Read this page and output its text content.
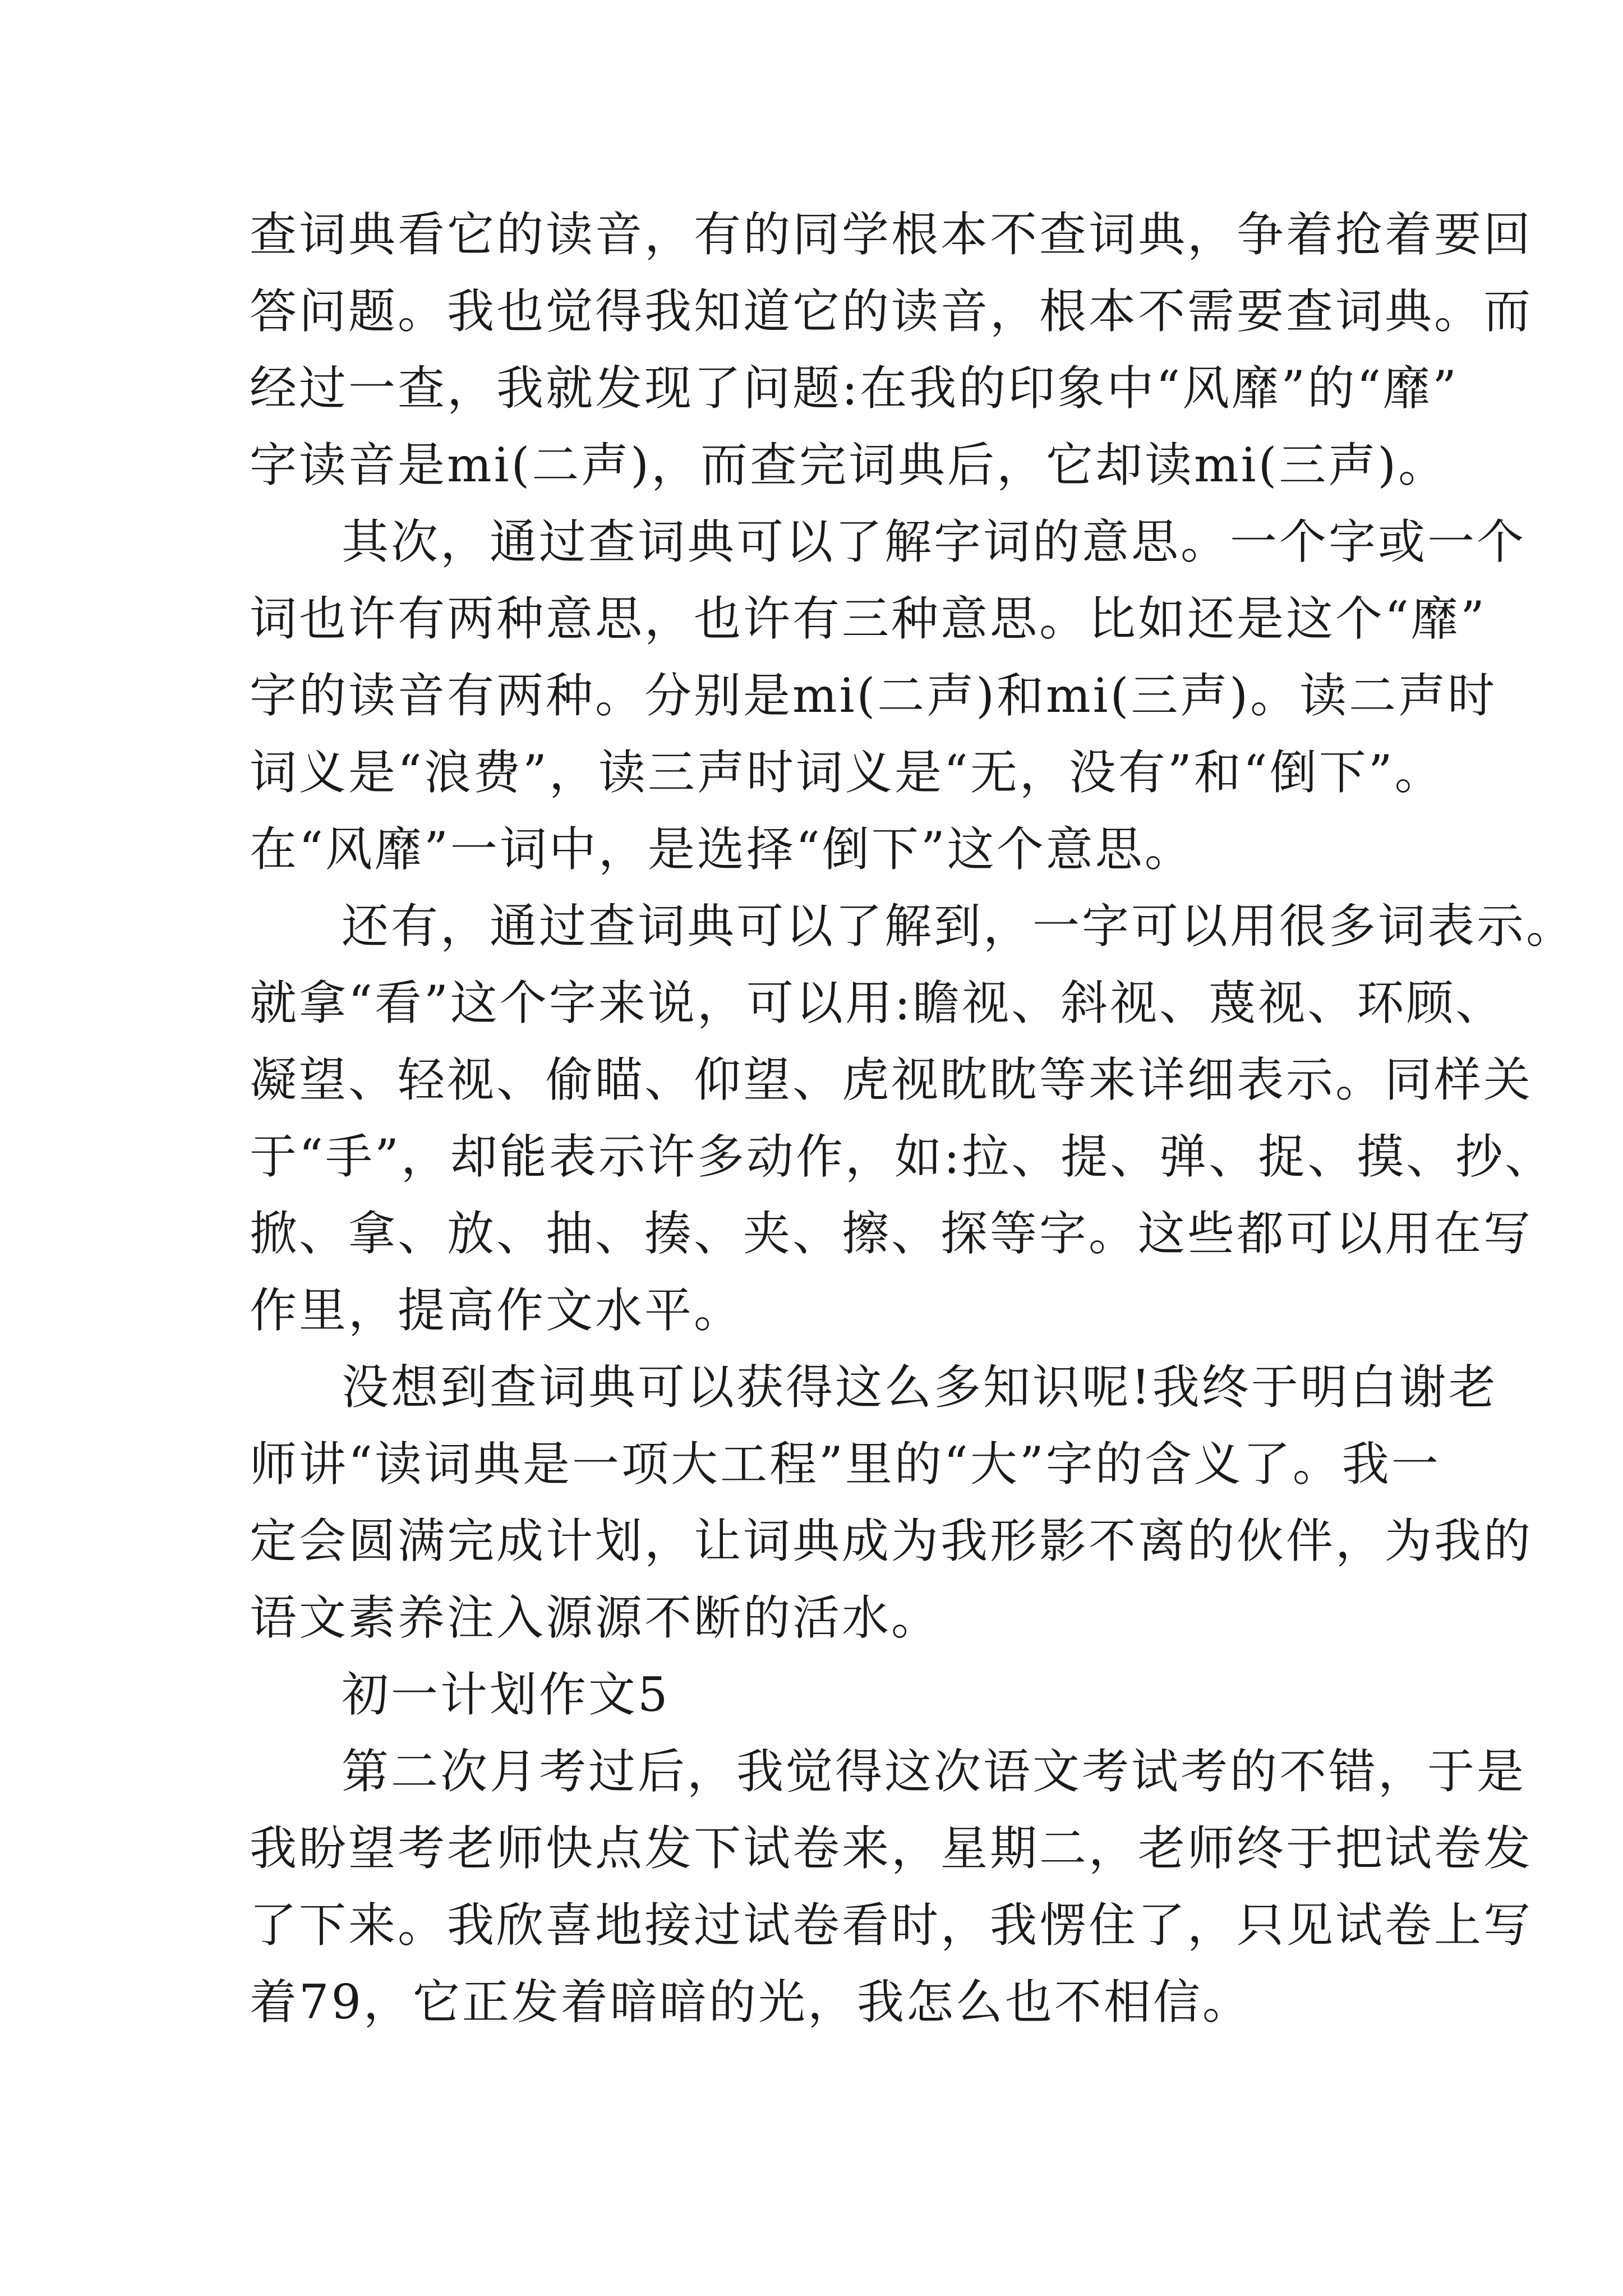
查词典看它的读音，有的同学根本不查词典，争着抢着要回
答问题。我也觉得我知道它的读音，根本不需要查词典。而
经过一查，我就发现了问题:在我的印象中“风靡”的“靡”
字读音是mi(二声)，而查完词典后，它却读mi(三声)。
其次，通过查词典可以了解字词的意思。一个字或一个
词也许有两种意思，也许有三种意思。比如还是这个“靡”
字的读音有两种。分别是mi(二声)和mi(三声)。读二声时
词义是“浪费”，读三声时词义是“无，没有”和“倒下”。
在“风靡”一词中，是选择“倒下”这个意思。
还有，通过查词典可以了解到，一字可以用很多词表示。
就拿“看”这个字来说，可以用:瞻视、斜视、蔑视、环顾、
凝望、轻视、偷瞄、仰望、虎视眈眈等来详细表示。同样关
于“手”，却能表示许多动作，如:拉、提、弹、捉、摸、抄、
掀、拿、放、抽、揍、夹、擦、探等字。这些都可以用在写
作里，提高作文水平。
没想到查词典可以获得这么多知识呢!我终于明白谢老
师讲“读词典是一项大工程”里的“大”字的含义了。我一
定会圆满完成计划，让词典成为我形影不离的伙伴，为我的
语文素养注入源源不断的活水。
初一计划作文5
第二次月考过后，我觉得这次语文考试考的不错，于是
我盼望考老师快点发下试卷来，星期二，老师终于把试卷发
了下来。我欣喜地接过试卷看时，我愣住了，只见试卷上写
着79，它正发着暗暗的光，我怎么也不相信。
